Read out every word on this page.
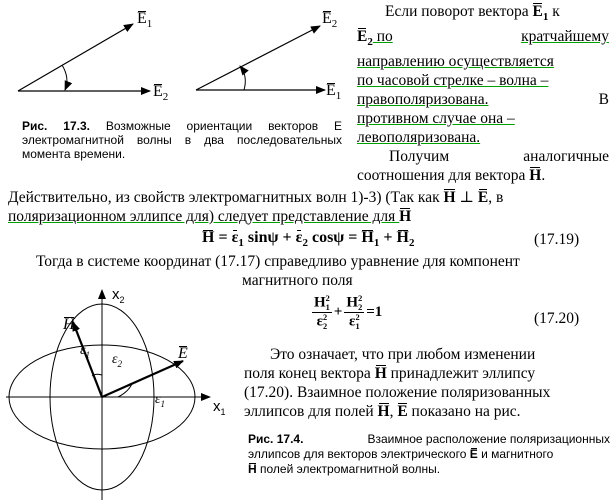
$E_1$
$E_2$
$E_2$
$E_1$
Рис. 17.3. Возможные ориентации векторов E электромагнитной волны в два последовательных момента времени.
Если поворот вектора $E_1$ к
$E_2$ по	кратчайшему
направлению осуществляется
по часовой стрелке – волна –
правополяризована.	В
противном случае она –
левополяризована.
Получим	аналогичные
соотношения для вектора H.
Действительно, из свойств электромагнитных волн 1)-3) (Так как H ⊥ E, в
поляризационном эллипсе для) следует представление для H
$H = \varepsilon_1$ $\sin\psi + \varepsilon_2$ $\cos\psi = H_1 + H_2$	(17.19)
Тогда в системе координат (17.17) справедливо уравнение для компонент
магнитного поля
H 2
1
ε 2
2
+ H 2
2
ε 2
1 =1	(17.20)
Это означает, что при любом изменении
поля конец вектора H принадлежит эллипсу
(17.20). Взаимное положение поляризованных
эллипсов для полей H, E показано на рис.
$x_2$
$x_1$
H
E
$\varepsilon_1$ $\varepsilon_2$
$\varepsilon_1$
Рис. 17.4.	Взаимное расположение поляризационных
эллипсов для векторов электрического E и магнитного
H полей электромагнитной волны.
